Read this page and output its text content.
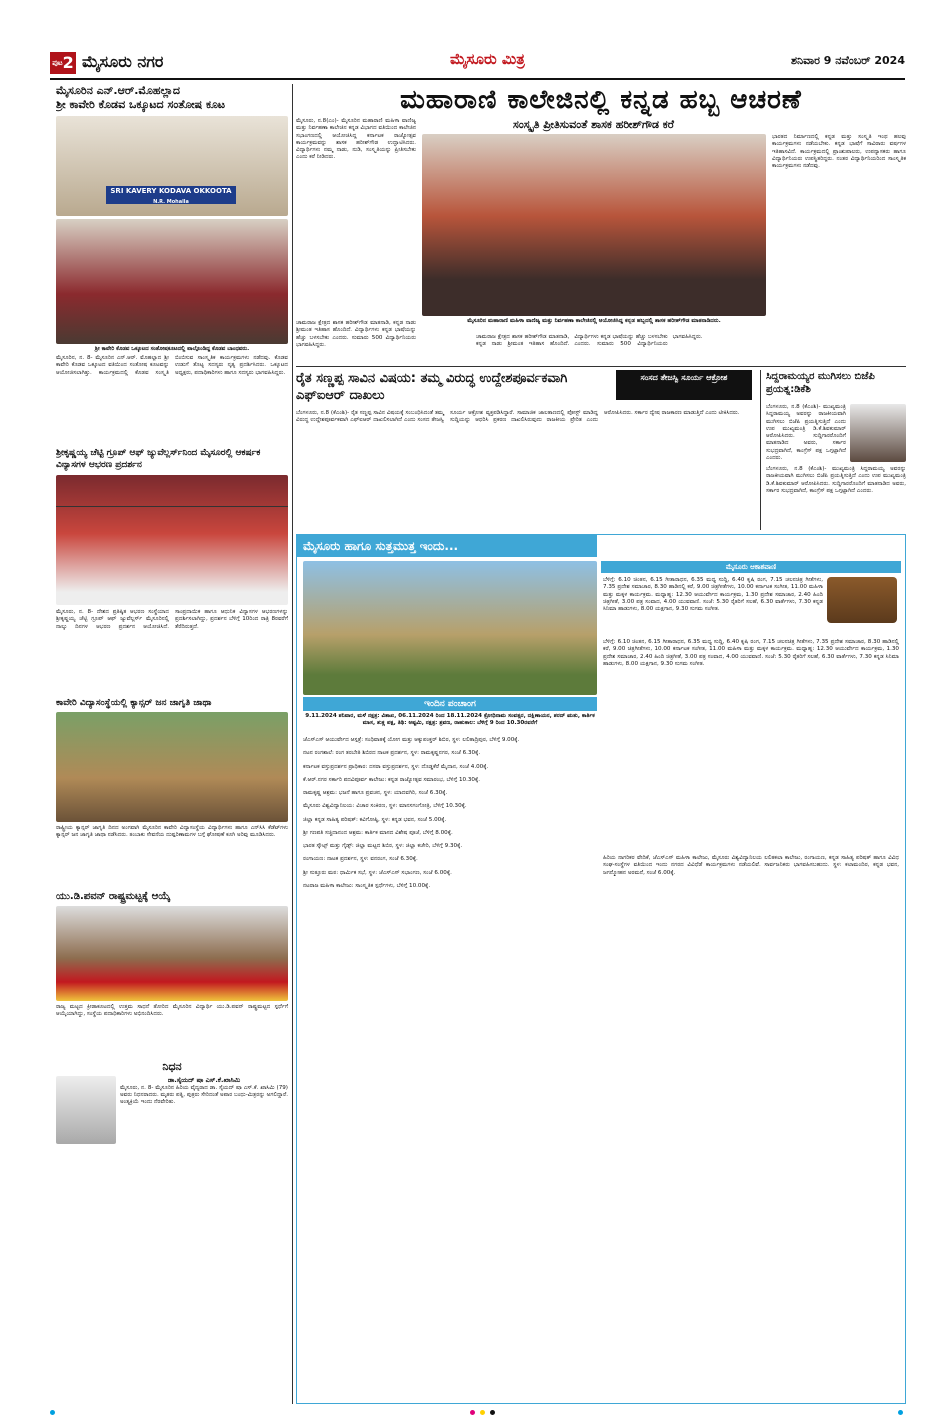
$^{ಪುಟ}$2 ಮೈಸೂರು ನಗರ	ಮೈಸೂರು ಮಿತ್ರ	ಶನಿವಾರ 9 ನವೆಂಬರ್ 2024
ಮೈಸೂರಿನ ಎನ್.ಆರ್.ಮೊಹಲ್ಲಾದ
ಶ್ರೀ ಕಾವೇರಿ ಕೊಡವ ಒಕ್ಕೂಟದ ಸಂತೋಷ ಕೂಟ
SRI KAVERY KODAVA OKKOOTA
N.R. Mohalla
ಶ್ರೀ ಕಾವೇರಿ ಕೊಡವ ಒಕ್ಕೂಟದ ಸಂತೋಷಕೂಟದಲ್ಲಿ ಪಾಲ್ಗೊಂಡಿದ್ದ ಕೊಡವ ಬಾಂಧವರು.
ಮೈಸೂರಿನ, ನ. 8- ಮೈಸೂರಿನ ಎನ್.ಆರ್. ಮೊಹಲ್ಲಾದ ಶ್ರೀ ಕಾವೇರಿ ಕೊಡವ ಒಕ್ಕೂಟದ ವತಿಯಿಂದ ಸಂತೋಷ ಕೂಟವನ್ನು ಆಯೋಜಿಸಲಾಗಿತ್ತು. ಕಾರ್ಯಕ್ರಮದಲ್ಲಿ ಕೊಡವ ಸಂಸ್ಕೃತಿ ಬಿಂಬಿಸುವ ಸಾಂಸ್ಕೃತಿಕ ಕಾರ್ಯಕ್ರಮಗಳು ನಡೆದವು. ಕೊಡವ ಉಡುಗೆ ತೊಟ್ಟ ಸದಸ್ಯರು ನೃತ್ಯ ಪ್ರದರ್ಶಿಸಿದರು. ಒಕ್ಕೂಟದ ಅಧ್ಯಕ್ಷರು, ಪದಾಧಿಕಾರಿಗಳು ಹಾಗೂ ಸದಸ್ಯರು ಭಾಗವಹಿಸಿದ್ದರು.
ಶ್ರೀಕೃಷ್ಣಯ್ಯ ಚೆಟ್ಟಿ ಗ್ರೂಪ್ ಆಫ್ ಜ್ಯುವೆಲ್ಲರ್ಸ್‌ನಿಂದ ಮೈಸೂರಲ್ಲಿ ಆಕರ್ಷಕ ವಿನ್ಯಾಸಗಳ ಆಭರಣ ಪ್ರದರ್ಶನ
ಮೈಸೂರು, ನ. 8- ದೇಶದ ಪ್ರತಿಷ್ಠಿತ ಆಭರಣ ಸಂಸ್ಥೆಯಾದ ಶ್ರೀಕೃಷ್ಣಯ್ಯ ಚೆಟ್ಟಿ ಗ್ರೂಪ್ ಆಫ್ ಜ್ಯುವೆಲ್ಲರ್ಸ್ ಮೈಸೂರಿನಲ್ಲಿ ನಾಲ್ಕು ದಿನಗಳ ಆಭರಣ ಪ್ರದರ್ಶನ ಆಯೋಜಿಸಿದೆ. ಸಾಂಪ್ರದಾಯಿಕ ಹಾಗೂ ಆಧುನಿಕ ವಿನ್ಯಾಸಗಳ ಆಭರಣಗಳನ್ನು ಪ್ರದರ್ಶಿಸಲಾಗಿದ್ದು, ಪ್ರದರ್ಶನ ಬೆಳಿಗ್ಗೆ 10ರಿಂದ ರಾತ್ರಿ 8ರವರೆಗೆ ತೆರೆದಿರುತ್ತದೆ.
ಕಾವೇರಿ ವಿದ್ಯಾಸಂಸ್ಥೆಯಲ್ಲಿ ಕ್ಯಾನ್ಸರ್ ಜನ ಜಾಗೃತಿ ಜಾಥಾ
ರಾಷ್ಟ್ರೀಯ ಕ್ಯಾನ್ಸರ್ ಜಾಗೃತಿ ದಿನದ ಅಂಗವಾಗಿ ಮೈಸೂರಿನ ಕಾವೇರಿ ವಿದ್ಯಾಸಂಸ್ಥೆಯ ವಿದ್ಯಾರ್ಥಿಗಳು ಹಾಗೂ ಎನ್‌ಸಿಸಿ ಕೆಡೆಟ್‌ಗಳು ಕ್ಯಾನ್ಸರ್ ಜನ ಜಾಗೃತಿ ಜಾಥಾ ನಡೆಸಿದರು. ತಂಬಾಕು ಸೇವನೆಯ ದುಷ್ಪರಿಣಾಮಗಳ ಬಗ್ಗೆ ಘೋಷಣೆ ಕೂಗಿ ಅರಿವು ಮೂಡಿಸಿದರು.
ಯು.ಡಿ.ಪವನ್ ರಾಷ್ಟ್ರಮಟ್ಟಕ್ಕೆ ಆಯ್ಕೆ
ರಾಜ್ಯ ಮಟ್ಟದ ಕ್ರೀಡಾಕೂಟದಲ್ಲಿ ಉತ್ತಮ ಸಾಧನೆ ತೋರಿದ ಮೈಸೂರಿನ ವಿದ್ಯಾರ್ಥಿ ಯು.ಡಿ.ಪವನ್ ರಾಷ್ಟ್ರಮಟ್ಟದ ಸ್ಪರ್ಧೆಗೆ ಆಯ್ಕೆಯಾಗಿದ್ದು, ಸಂಸ್ಥೆಯ ಪದಾಧಿಕಾರಿಗಳು ಅಭಿನಂದಿಸಿದರು.
ನಿಧನ
ಡಾ.ಸೈಯದ್ ಷಾ ಎಸ್.ಕೆ.ಖಾಸಿಮಿ
ಮೈಸೂರು, ನ. 8- ಮೈಸೂರಿನ ಹಿರಿಯ ವೈದ್ಯರಾದ ಡಾ. ಸೈಯದ್ ಷಾ ಎಸ್.ಕೆ. ಖಾಸಿಮಿ (79) ಅವರು ನಿಧನರಾದರು. ಮೃತರು ಪತ್ನಿ, ಪುತ್ರರು ಸೇರಿದಂತೆ ಅಪಾರ ಬಂಧು-ಮಿತ್ರರನ್ನು ಅಗಲಿದ್ದಾರೆ. ಅಂತ್ಯಕ್ರಿಯೆ ಇಂದು ನೆರವೇರಿತು.
ಮಹಾರಾಣಿ ಕಾಲೇಜಿನಲ್ಲಿ ಕನ್ನಡ ಹಬ್ಬ ಆಚರಣೆ
ಸಂಸ್ಕೃತಿ ಪ್ರೀತಿಸುವಂತೆ ಶಾಸಕ ಹರೀಶ್‌ಗೌಡ ಕರೆ
ಮೈಸೂರು, ನ.8(ಎಂ)- ಮೈಸೂರಿನ ಮಹಾರಾಣಿ ಮಹಿಳಾ ವಾಣಿಜ್ಯ ಮತ್ತು ನಿರ್ವಹಣಾ ಕಾಲೇಜಿನ ಕನ್ನಡ ವಿಭಾಗದ ವತಿಯಿಂದ ಕಾಲೇಜಿನ ಸಭಾಂಗಣದಲ್ಲಿ ಆಯೋಜಿಸಿದ್ದ ಕರ್ನಾಟಕ ರಾಜ್ಯೋತ್ಸವ ಕಾರ್ಯಕ್ರಮವನ್ನು ಶಾಸಕ ಹರೀಶ್‌ಗೌಡ ಉದ್ಘಾಟಿಸಿದರು. ವಿದ್ಯಾರ್ಥಿಗಳು ನಮ್ಮ ನಾಡು, ನುಡಿ, ಸಂಸ್ಕೃತಿಯನ್ನು ಪ್ರೀತಿಸಬೇಕು ಎಂದು ಕರೆ ನೀಡಿದರು.
ಮೈಸೂರಿನ ಮಹಾರಾಣಿ ಮಹಿಳಾ ವಾಣಿಜ್ಯ ಮತ್ತು ನಿರ್ವಹಣಾ ಕಾಲೇಜಿನಲ್ಲಿ ಆಯೋಜಿಸಿದ್ದ ಕನ್ನಡ ಹಬ್ಬದಲ್ಲಿ ಶಾಸಕ ಹರೀಶ್‌ಗೌಡ ಮಾತನಾಡಿದರು.
ಚಾಮರಾಜ ಕ್ಷೇತ್ರದ ಶಾಸಕ ಹರೀಶ್‌ಗೌಡ ಮಾತನಾಡಿ, ಕನ್ನಡ ನಾಡು ಶ್ರೀಮಂತ ಇತಿಹಾಸ ಹೊಂದಿದೆ. ವಿದ್ಯಾರ್ಥಿಗಳು ಕನ್ನಡ ಭಾಷೆಯನ್ನು ಹೆಚ್ಚು ಬಳಸಬೇಕು ಎಂದರು. ಸುಮಾರು 500 ವಿದ್ಯಾರ್ಥಿನಿಯರು ಭಾಗವಹಿಸಿದ್ದರು.
ಚಾಮರಾಜ ಕ್ಷೇತ್ರದ ಶಾಸಕ ಹರೀಶ್‌ಗೌಡ ಮಾತನಾಡಿ, ಕನ್ನಡ ನಾಡು ಶ್ರೀಮಂತ ಇತಿಹಾಸ ಹೊಂದಿದೆ. ವಿದ್ಯಾರ್ಥಿಗಳು ಕನ್ನಡ ಭಾಷೆಯನ್ನು ಹೆಚ್ಚು ಬಳಸಬೇಕು ಎಂದರು. ಸುಮಾರು 500 ವಿದ್ಯಾರ್ಥಿನಿಯರು ಭಾಗವಹಿಸಿದ್ದರು.
ಭಾರತದ ನಿರ್ಮಾಣದಲ್ಲಿ ಕನ್ನಡ ಮತ್ತು ಸಂಸ್ಕೃತಿ ಇಂಥ ಹಲವು ಕಾರ್ಯಕ್ರಮಗಳು ನಡೆಯಬೇಕು. ಕನ್ನಡ ಭಾಷೆಗೆ ಸಾವಿರಾರು ವರ್ಷಗಳ ಇತಿಹಾಸವಿದೆ. ಕಾರ್ಯಕ್ರಮದಲ್ಲಿ ಪ್ರಾಂಶುಪಾಲರು, ಉಪನ್ಯಾಸಕರು ಹಾಗೂ ವಿದ್ಯಾರ್ಥಿನಿಯರು ಉಪಸ್ಥಿತರಿದ್ದರು. ನಂತರ ವಿದ್ಯಾರ್ಥಿನಿಯರಿಂದ ಸಾಂಸ್ಕೃತಿಕ ಕಾರ್ಯಕ್ರಮಗಳು ನಡೆದವು.
ರೈತ ಸಣ್ಣಪ್ಪ ಸಾವಿನ ವಿಷಯ: ತಮ್ಮ ವಿರುದ್ಧ ಉದ್ದೇಶಪೂರ್ವಕವಾಗಿ ಎಫ್‌ಐಆರ್ ದಾಖಲು
ಸಂಸದ ತೇಜಸ್ವಿ ಸೂರ್ಯ ಆಕ್ರೋಶ
ಬೆಂಗಳೂರು, ನ.8 (ಕೆಎಂಶಿ)- ರೈತ ಸಣ್ಣಪ್ಪ ಸಾವಿನ ವಿಷಯಕ್ಕೆ ಸಂಬಂಧಿಸಿದಂತೆ ತಮ್ಮ ವಿರುದ್ಧ ಉದ್ದೇಶಪೂರ್ವಕವಾಗಿ ಎಫ್‌ಐಆರ್ ದಾಖಲಿಸಲಾಗಿದೆ ಎಂದು ಸಂಸದ ತೇಜಸ್ವಿ ಸೂರ್ಯ ಆಕ್ರೋಶ ವ್ಯಕ್ತಪಡಿಸಿದ್ದಾರೆ. ಸಾಮಾಜಿಕ ಜಾಲತಾಣದಲ್ಲಿ ಪೋಸ್ಟ್ ಮಾಡಿದ್ದ ಸುದ್ದಿಯನ್ನು ಆಧರಿಸಿ ಪ್ರಕರಣ ದಾಖಲಿಸಿರುವುದು ರಾಜಕೀಯ ಪ್ರೇರಿತ ಎಂದು ಆರೋಪಿಸಿದರು. ಸರ್ಕಾರ ದ್ವೇಷ ರಾಜಕಾರಣ ಮಾಡುತ್ತಿದೆ ಎಂದು ಟೀಕಿಸಿದರು.
ಸಿದ್ದರಾಮಯ್ಯರ ಮುಗಿಸಲು ಬಿಜೆಪಿ ಪ್ರಯತ್ನ:ಡಿಕೆಶಿ
ಬೆಂಗಳೂರು, ನ.8 (ಕೆಎಂಶಿ)- ಮುಖ್ಯಮಂತ್ರಿ ಸಿದ್ದರಾಮಯ್ಯ ಅವರನ್ನು ರಾಜಕೀಯವಾಗಿ ಮುಗಿಸಲು ಬಿಜೆಪಿ ಪ್ರಯತ್ನಿಸುತ್ತಿದೆ ಎಂದು ಉಪ ಮುಖ್ಯಮಂತ್ರಿ ಡಿ.ಕೆ.ಶಿವಕುಮಾರ್ ಆರೋಪಿಸಿದರು. ಸುದ್ದಿಗಾರರೊಂದಿಗೆ ಮಾತನಾಡಿದ ಅವರು, ಸರ್ಕಾರ ಸುಭದ್ರವಾಗಿದೆ, ಕಾಂಗ್ರೆಸ್ ಪಕ್ಷ ಒಗ್ಗಟ್ಟಾಗಿದೆ ಎಂದರು.
ಬೆಂಗಳೂರು, ನ.8 (ಕೆಎಂಶಿ)- ಮುಖ್ಯಮಂತ್ರಿ ಸಿದ್ದರಾಮಯ್ಯ ಅವರನ್ನು ರಾಜಕೀಯವಾಗಿ ಮುಗಿಸಲು ಬಿಜೆಪಿ ಪ್ರಯತ್ನಿಸುತ್ತಿದೆ ಎಂದು ಉಪ ಮುಖ್ಯಮಂತ್ರಿ ಡಿ.ಕೆ.ಶಿವಕುಮಾರ್ ಆರೋಪಿಸಿದರು. ಸುದ್ದಿಗಾರರೊಂದಿಗೆ ಮಾತನಾಡಿದ ಅವರು, ಸರ್ಕಾರ ಸುಭದ್ರವಾಗಿದೆ, ಕಾಂಗ್ರೆಸ್ ಪಕ್ಷ ಒಗ್ಗಟ್ಟಾಗಿದೆ ಎಂದರು.
ಮೈಸೂರು ಹಾಗೂ ಸುತ್ತಮುತ್ತ ಇಂದು...
ಇಂದಿನ ಪಂಚಾಂಗ
9.11.2024 ಶನಿವಾರ, ಮಳೆ ನಕ್ಷತ್ರ: ವಿಶಾಖ, 06.11.2024 ರಿಂದ 18.11.2024 ಕ್ರೋಧಿನಾಮ ಸಂವತ್ಸರ, ದಕ್ಷಿಣಾಯನ, ಶರದ್ ಋತು, ಕಾರ್ತಿಕ ಮಾಸ, ಶುಕ್ಲ ಪಕ್ಷ, ತಿಥಿ: ಅಷ್ಟಮಿ, ನಕ್ಷತ್ರ: ಶ್ರವಣ, ರಾಹುಕಾಲ: ಬೆಳಿಗ್ಗೆ 9 ರಿಂದ 10.30ರವರೆಗೆ
ಮೈಸೂರು ಆಕಾಶವಾಣಿ
ಬೆಳಿಗ್ಗೆ: 6.10 ಚಿಂತನ, 6.15 ಗೀತಾರಾಧನ, 6.35 ಮಧ್ಯ ಸುದ್ದಿ, 6.40 ಕೃಷಿ ರಂಗ, 7.15 ಚಲನಚಿತ್ರ ಗೀತೆಗಳು, 7.35 ಪ್ರದೇಶ ಸಮಾಚಾರ, 8.30 ಹಾಡಿನಲ್ಲಿ ಕರೆ, 9.00 ಚಿತ್ರಗೀತೆಗಳು, 10.00 ಕರ್ನಾಟಕ ಸಂಗೀತ, 11.00 ಮಹಿಳಾ ಮತ್ತು ಮಕ್ಕಳ ಕಾರ್ಯಕ್ರಮ. ಮಧ್ಯಾಹ್ನ: 12.30 ಆಯುರ್ವೇದ ಕಾರ್ಯಕ್ರಮ, 1.30 ಪ್ರದೇಶ ಸಮಾಚಾರ, 2.40 ಹಿಂದಿ ಚಿತ್ರಗೀತೆ, 3.00 ಪತ್ರ ಸಂವಾದ, 4.00 ಯುವವಾಣಿ. ಸಂಜೆ: 5.30 ರೈತರಿಗೆ ಸಲಹೆ, 6.30 ವಾರ್ತೆಗಳು, 7.30 ಕನ್ನಡ ಸಿನಿಮಾ ಹಾಡುಗಳು, 8.00 ಯಕ್ಷಗಾನ, 9.30 ಸುಗಮ ಸಂಗೀತ.
ಬೆಳಿಗ್ಗೆ: 6.10 ಚಿಂತನ, 6.15 ಗೀತಾರಾಧನ, 6.35 ಮಧ್ಯ ಸುದ್ದಿ, 6.40 ಕೃಷಿ ರಂಗ, 7.15 ಚಲನಚಿತ್ರ ಗೀತೆಗಳು, 7.35 ಪ್ರದೇಶ ಸಮಾಚಾರ, 8.30 ಹಾಡಿನಲ್ಲಿ ಕರೆ, 9.00 ಚಿತ್ರಗೀತೆಗಳು, 10.00 ಕರ್ನಾಟಕ ಸಂಗೀತ, 11.00 ಮಹಿಳಾ ಮತ್ತು ಮಕ್ಕಳ ಕಾರ್ಯಕ್ರಮ. ಮಧ್ಯಾಹ್ನ: 12.30 ಆಯುರ್ವೇದ ಕಾರ್ಯಕ್ರಮ, 1.30 ಪ್ರದೇಶ ಸಮಾಚಾರ, 2.40 ಹಿಂದಿ ಚಿತ್ರಗೀತೆ, 3.00 ಪತ್ರ ಸಂವಾದ, 4.00 ಯುವವಾಣಿ. ಸಂಜೆ: 5.30 ರೈತರಿಗೆ ಸಲಹೆ, 6.30 ವಾರ್ತೆಗಳು, 7.30 ಕನ್ನಡ ಸಿನಿಮಾ ಹಾಡುಗಳು, 8.00 ಯಕ್ಷಗಾನ, 9.30 ಸುಗಮ ಸಂಗೀತ.
ಜೆಎಸ್‌ಎಸ್ ಆಯುರ್ವೇದ ಆಸ್ಪತ್ರೆ: ಸಂಧಿವಾತಕ್ಕೆ ಯೋಗ ಮತ್ತು ಆಕ್ಯುಪಂಕ್ಚರ್ ಶಿಬಿರ, ಸ್ಥಳ: ಲಲಿತಾದ್ರಿಪುರ, ಬೆಳಿಗ್ಗೆ 9.00ಕ್ಕೆ.
ನಟನ ರಂಗಶಾಲೆ: ರಂಗ ತರಬೇತಿ ಶಿಬಿರದ ನಾಟಕ ಪ್ರದರ್ಶನ, ಸ್ಥಳ: ರಾಮಕೃಷ್ಣನಗರ, ಸಂಜೆ 6.30ಕ್ಕೆ.
ಕರ್ನಾಟಕ ವಸ್ತುಪ್ರದರ್ಶನ ಪ್ರಾಧಿಕಾರ: ದಸರಾ ವಸ್ತುಪ್ರದರ್ಶನ, ಸ್ಥಳ: ದೊಡ್ಡಕೆರೆ ಮೈದಾನ, ಸಂಜೆ 4.00ಕ್ಕೆ.
ಕೆ.ಆರ್.ನಗರ ಸರ್ಕಾರಿ ಪದವಿಪೂರ್ವ ಕಾಲೇಜು: ಕನ್ನಡ ರಾಜ್ಯೋತ್ಸವ ಸಮಾರಂಭ, ಬೆಳಿಗ್ಗೆ 10.30ಕ್ಕೆ.
ರಾಮಕೃಷ್ಣ ಆಶ್ರಮ: ಭಜನೆ ಹಾಗೂ ಪ್ರವಚನ, ಸ್ಥಳ: ಯಾದವಗಿರಿ, ಸಂಜೆ 6.30ಕ್ಕೆ.
ಮೈಸೂರು ವಿಶ್ವವಿದ್ಯಾನಿಲಯ: ವಿಚಾರ ಸಂಕಿರಣ, ಸ್ಥಳ: ಮಾನಸಗಂಗೋತ್ರಿ, ಬೆಳಿಗ್ಗೆ 10.30ಕ್ಕೆ.
ಜಿಲ್ಲಾ ಕನ್ನಡ ಸಾಹಿತ್ಯ ಪರಿಷತ್: ಕವಿಗೋಷ್ಠಿ, ಸ್ಥಳ: ಕನ್ನಡ ಭವನ, ಸಂಜೆ 5.00ಕ್ಕೆ.
ಶ್ರೀ ಗಣಪತಿ ಸಚ್ಚಿದಾನಂದ ಆಶ್ರಮ: ಕಾರ್ತಿಕ ಮಾಸದ ವಿಶೇಷ ಪೂಜೆ, ಬೆಳಿಗ್ಗೆ 8.00ಕ್ಕೆ.
ಭಾರತ ಸ್ಕೌಟ್ಸ್ ಮತ್ತು ಗೈಡ್ಸ್: ಜಿಲ್ಲಾ ಮಟ್ಟದ ಶಿಬಿರ, ಸ್ಥಳ: ಜಿಲ್ಲಾ ಕಚೇರಿ, ಬೆಳಿಗ್ಗೆ 9.30ಕ್ಕೆ.
ರಂಗಾಯಣ: ನಾಟಕ ಪ್ರದರ್ಶನ, ಸ್ಥಳ: ವನರಂಗ, ಸಂಜೆ 6.30ಕ್ಕೆ.
ಶ್ರೀ ಸುತ್ತೂರು ಮಠ: ಧಾರ್ಮಿಕ ಸಭೆ, ಸ್ಥಳ: ಜೆಎಸ್‌ಎಸ್ ಸಭಾಂಗಣ, ಸಂಜೆ 6.00ಕ್ಕೆ.
ನಟರಾಜ ಮಹಿಳಾ ಕಾಲೇಜು: ಸಾಂಸ್ಕೃತಿಕ ಸ್ಪರ್ಧೆಗಳು, ಬೆಳಿಗ್ಗೆ 10.00ಕ್ಕೆ.
ಹಿರಿಯ ನಾಗರಿಕರ ವೇದಿಕೆ, ಜೆಎಸ್‌ಎಸ್ ಮಹಿಳಾ ಕಾಲೇಜು, ಮೈಸೂರು ವಿಶ್ವವಿದ್ಯಾನಿಲಯ ಲಲಿತಕಲಾ ಕಾಲೇಜು, ರಂಗಾಯಣ, ಕನ್ನಡ ಸಾಹಿತ್ಯ ಪರಿಷತ್ ಹಾಗೂ ವಿವಿಧ ಸಂಘ-ಸಂಸ್ಥೆಗಳ ವತಿಯಿಂದ ಇಂದು ನಗರದ ವಿವಿಧೆಡೆ ಕಾರ್ಯಕ್ರಮಗಳು ನಡೆಯಲಿವೆ. ಸಾರ್ವಜನಿಕರು ಭಾಗವಹಿಸಬಹುದು. ಸ್ಥಳ: ಕಲಾಮಂದಿರ, ಕನ್ನಡ ಭವನ, ಜಗನ್ಮೋಹನ ಅರಮನೆ, ಸಂಜೆ 6.00ಕ್ಕೆ.
